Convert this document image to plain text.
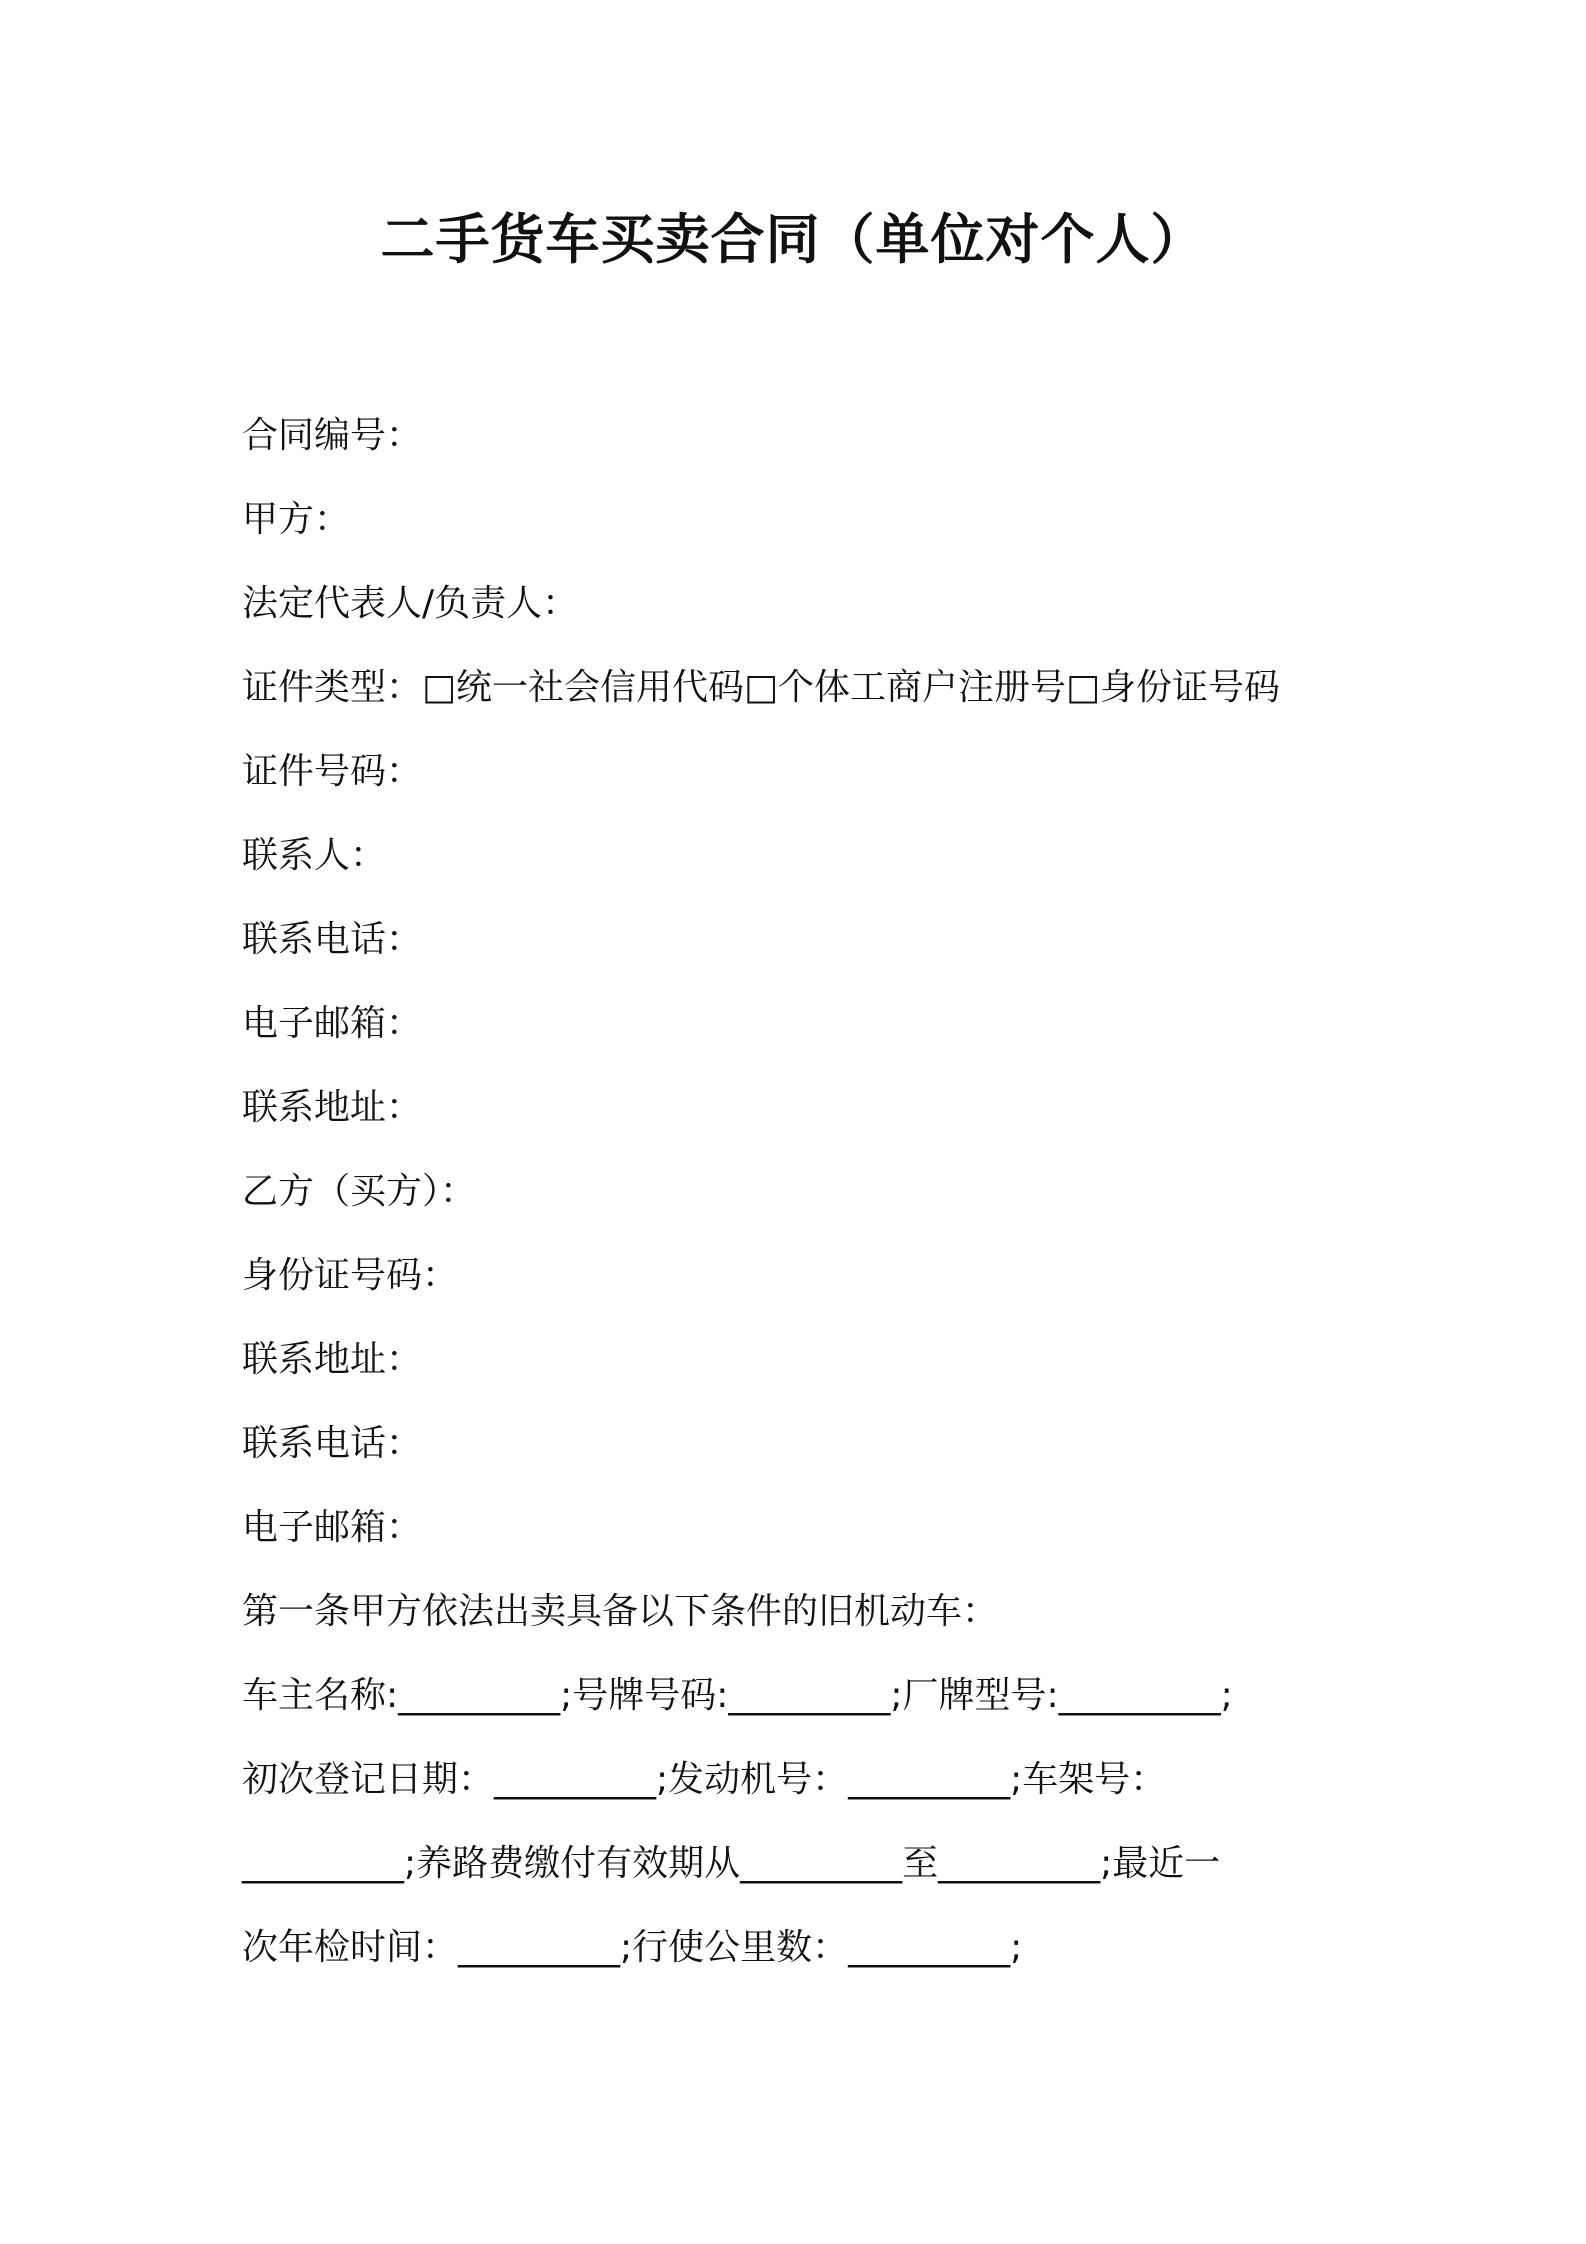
二手货车买卖合同（单位对个人）
合同编号：
甲方：
法定代表人/负责人：
证件类型：□统一社会信用代码□个体工商户注册号□身份证号码
证件号码：
联系人：
联系电话：
电子邮箱：
联系地址：
乙方（买方）：
身份证号码：
联系地址：
联系电话：
电子邮箱：
第一条甲方依法出卖具备以下条件的旧机动车：
车主名称:_________;号牌号码:_________;厂牌型号:_________;
初次登记日期：_________;发动机号：_________;车架号：
_________;养路费缴付有效期从_________至_________;最近一
次年检时间：_________;行使公里数：_________;
